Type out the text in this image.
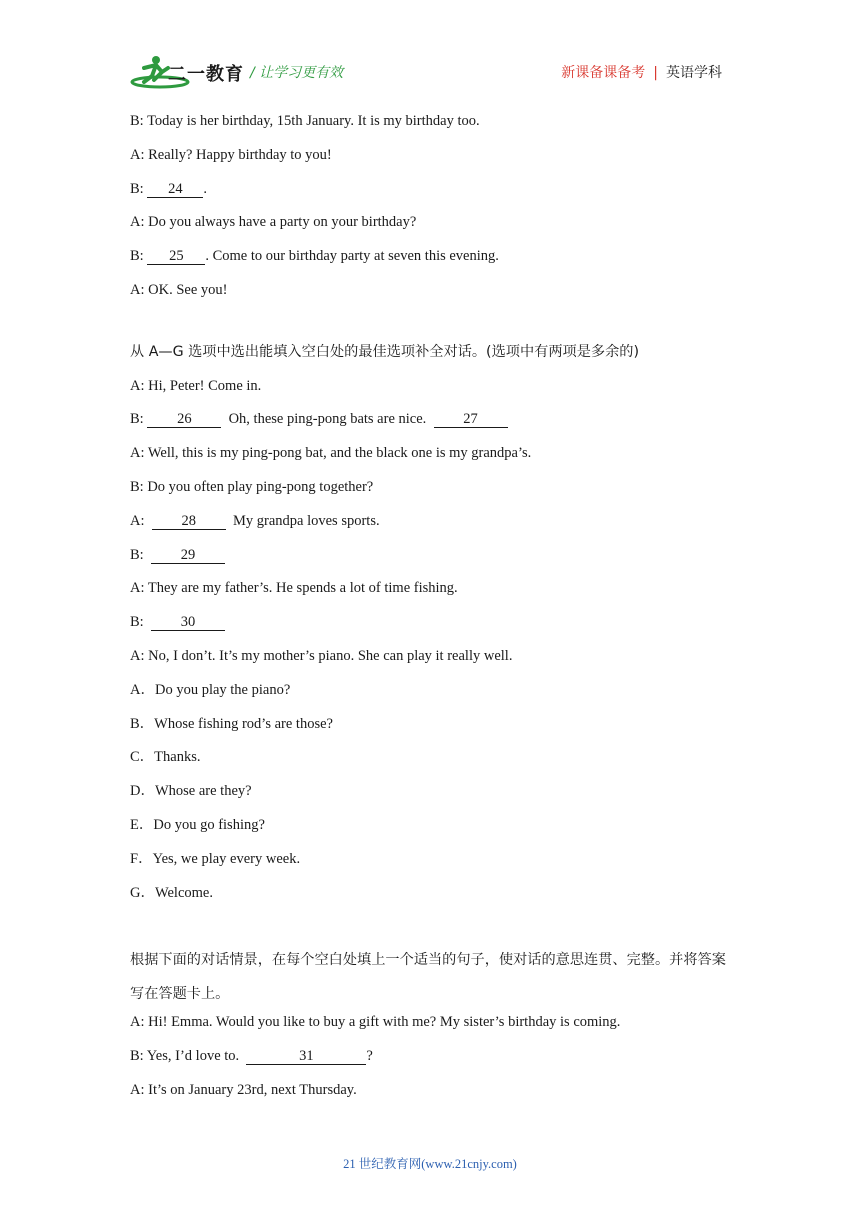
二一教育 / 让学习更有效	新课备课备考 | 英语学科
B: Today is her birthday, 15th January. It is my birthday too.
A: Really? Happy birthday to you!
B: 24 .
A: Do you always have a party on your birthday?
B: 25 . Come to our birthday party at seven this evening.
A: OK. See you!
从 A—G 选项中选出能填入空白处的最佳选项补全对话。(选项中有两项是多余的)
A: Hi, Peter! Come in.
B: 26  Oh, these ping-pong bats are nice.  27
A: Well, this is my ping-pong bat, and the black one is my grandpa’s.
B: Do you often play ping-pong together?
A:  28  My grandpa loves sports.
B:  29
A: They are my father’s. He spends a lot of time fishing.
B:  30
A: No, I don’t. It’s my mother’s piano. She can play it really well.
A．Do you play the piano?
B．Whose fishing rod’s are those?
C．Thanks.
D．Whose are they?
E．Do you go fishing?
F．Yes, we play every week.
G．Welcome.
根据下面的对话情景，在每个空白处填上一个适当的句子，使对话的意思连贯、完整。并将答案写在答题卡上。
A: Hi! Emma. Would you like to buy a gift with me? My sister’s birthday is coming.
B: Yes, I’d love to.	31	?
A: It’s on January 23rd, next Thursday.
21 世纪教育网(www.21cnjy.com)
